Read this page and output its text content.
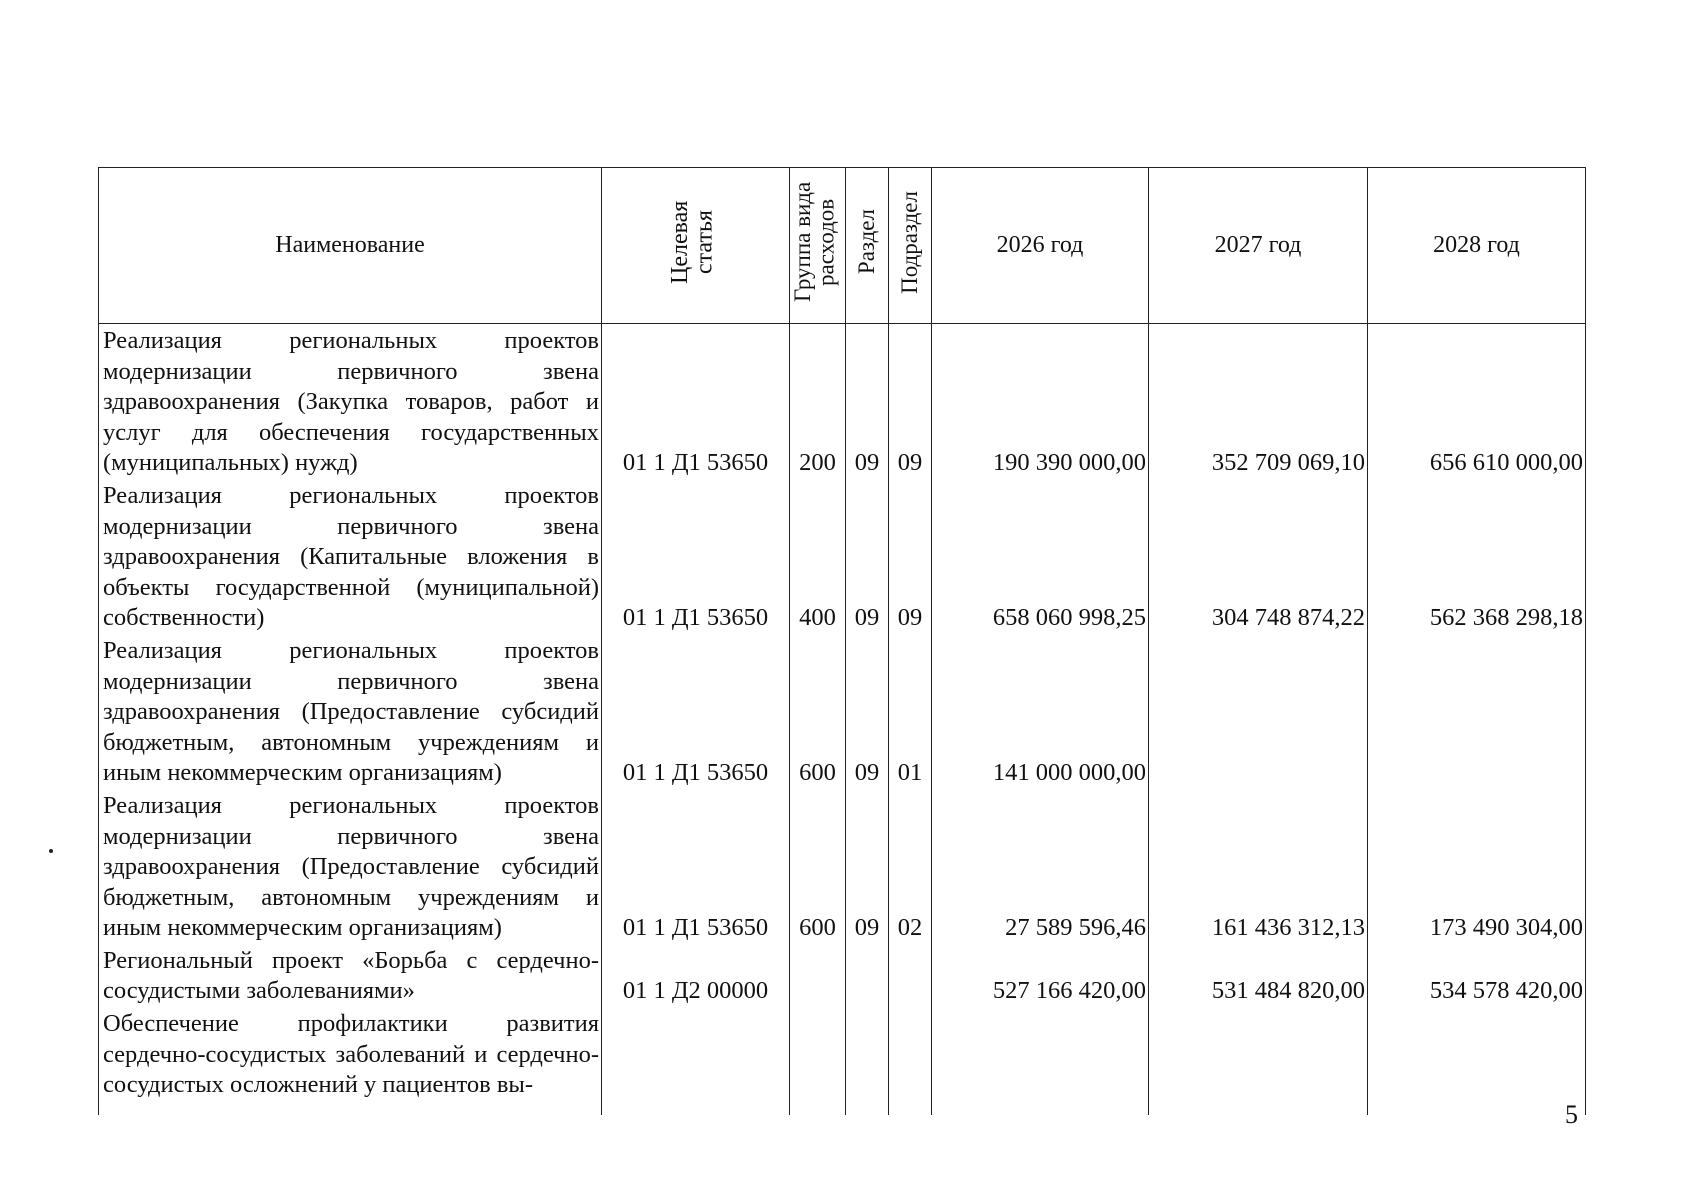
Наименование	Целевая статья	Группа вида расходов	Раздел	Подраздел	2026 год	2027 год	2028 год
Реализация региональных проектов модернизации первичного звена здравоохранения (Закупка товаров, работ и услуг для обеспечения государственных (муниципальных) нужд)	01 1 Д1 53650	200	09	09	190 390 000,00	352 709 069,10	656 610 000,00
Реализация региональных проектов модернизации первичного звена здравоохранения (Капитальные вложения в объекты государственной (муниципальной) собственности)	01 1 Д1 53650	400	09	09	658 060 998,25	304 748 874,22	562 368 298,18
Реализация региональных проектов модернизации первичного звена здравоохранения (Предоставление субсидий бюджетным, автономным учреждениям и иным некоммерческим организациям)	01 1 Д1 53650	600	09	01	141 000 000,00		
Реализация региональных проектов модернизации первичного звена здравоохранения (Предоставление субсидий бюджетным, автономным учреждениям и иным некоммерческим организациям)	01 1 Д1 53650	600	09	02	27 589 596,46	161 436 312,13	173 490 304,00
Региональный проект «Борьба с сердечно-сосудистыми заболеваниями»	01 1 Д2 00000				527 166 420,00	531 484 820,00	534 578 420,00
Обеспечение профилактики развития сердечно-сосудистых заболеваний и сердечно-сосудистых осложнений у пациентов вы-							
5
